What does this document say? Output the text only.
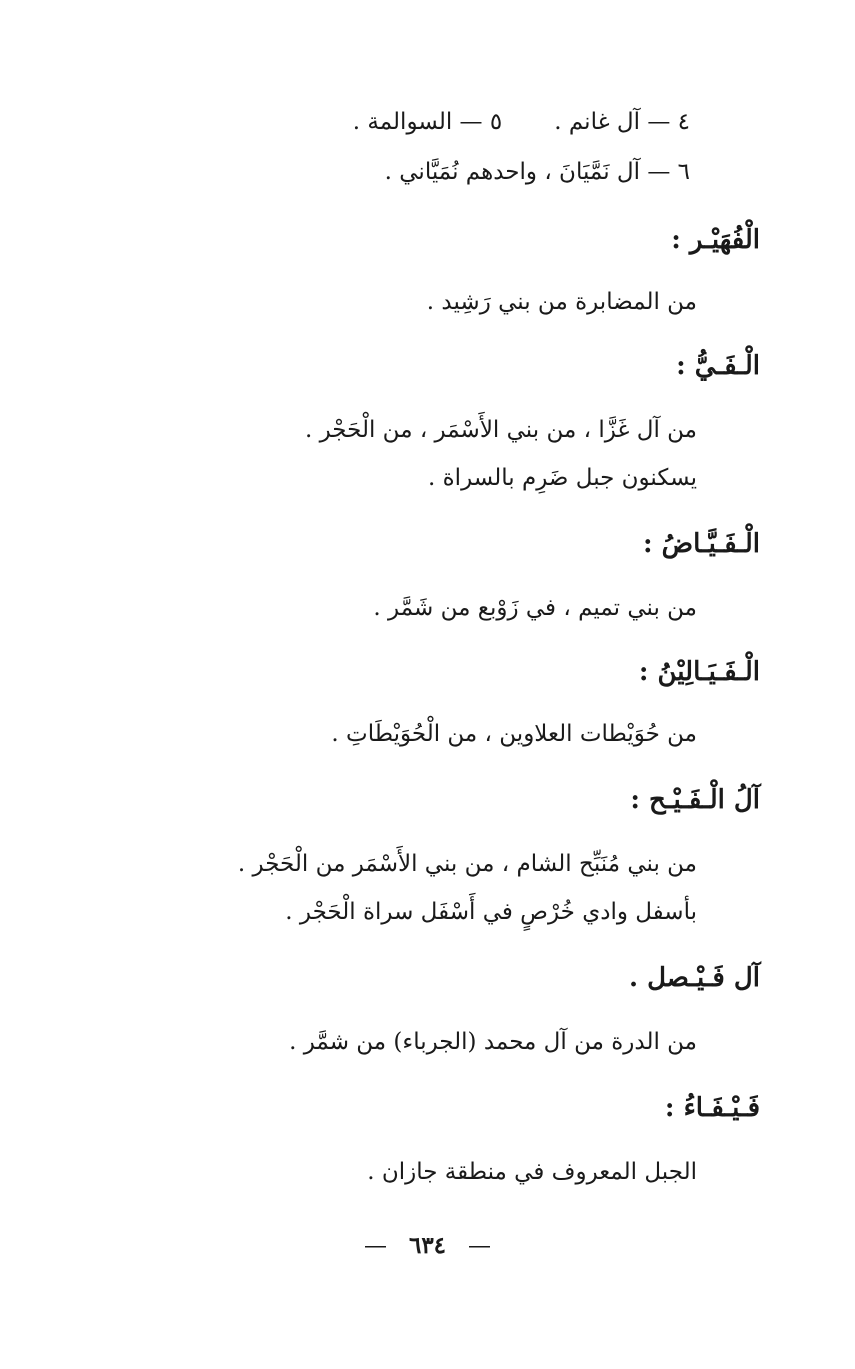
٤ — آل غانم .٥ — السوالمة .
٦ — آل نَمَّيَانَ ، واحدهم نُمَيَّاني .
الْفُهَيْـر :
من المضابرة من بني رَشِيد .
الْـفَـيُّ :
من آل غَزَّا ، من بني الأَسْمَر ، من الْحَجْر .
يسكنون جبل ضَرِم بالسراة .
الْـفَـيَّـاضُ :
من بني تميم ، في زَوْبع من شَمَّر .
الْـفَـيَـالِيْنُ :
من حُوَيْطات العلاوين ، من الْحُوَيْطَاتِ .
آلُ الْـفَـيْـح :
من بني مُنَبِّح الشام ، من بني الأَسْمَر من الْحَجْر .
بأسفل وادي خُرْصٍ في أَسْفَل سراة الْحَجْر .
آل فَـيْـصل .
من الدرة من آل محمد (الجرباء) من شمَّر .
فَـيْـفَـاءُ :
الجبل المعروف في منطقة جازان .
—٦٣٤—
